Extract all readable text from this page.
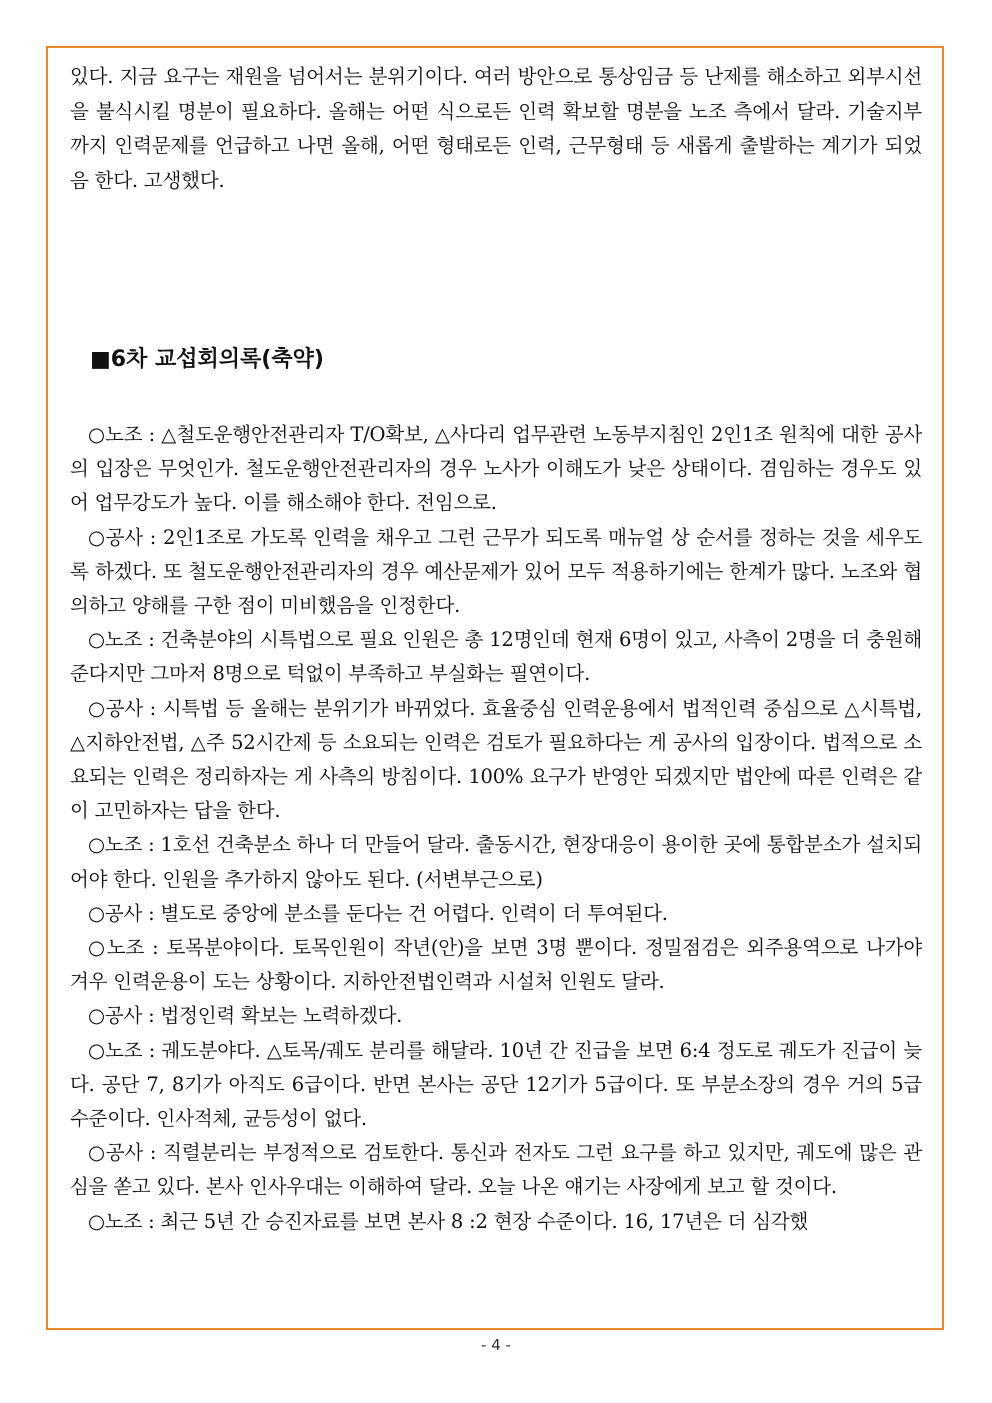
있다. 지금 요구는 재원을 넘어서는 분위기이다. 여러 방안으로 통상임금 등 난제를 해소하고 외부시선을 불식시킬 명분이 필요하다. 올해는 어떤 식으로든 인력 확보할 명분을 노조 측에서 달라. 기술지부까지 인력문제를 언급하고 나면 올해, 어떤 형태로든 인력, 근무형태 등 새롭게 출발하는 계기가 되었음 한다. 고생했다.

■6차 교섭회의록(축약)

○노조 : △철도운행안전관리자 T/O확보, △사다리 업무관련 노동부지침인 2인1조 원칙에 대한 공사의 입장은 무엇인가. 철도운행안전관리자의 경우 노사가 이해도가 낮은 상태이다. 겸임하는 경우도 있어 업무강도가 높다. 이를 해소해야 한다. 전임으로.

○공사 : 2인1조로 가도록 인력을 채우고 그런 근무가 되도록 매뉴얼 상 순서를 정하는 것을 세우도록 하겠다. 또 철도운행안전관리자의 경우 예산문제가 있어 모두 적용하기에는 한계가 많다. 노조와 협의하고 양해를 구한 점이 미비했음을 인정한다.

○노조 : 건축분야의 시특법으로 필요 인원은 총 12명인데 현재 6명이 있고, 사측이 2명을 더 충원해준다지만 그마저 8명으로 턱없이 부족하고 부실화는 필연이다.

○공사 : 시특법 등 올해는 분위기가 바뀌었다. 효율중심 인력운용에서 법적인력 중심으로 △시특법, △지하안전법, △주 52시간제 등 소요되는 인력은 검토가 필요하다는 게 공사의 입장이다. 법적으로 소요되는 인력은 정리하자는 게 사측의 방침이다. 100% 요구가 반영안 되겠지만 법안에 따른 인력은 같이 고민하자는 답을 한다.

○노조 : 1호선 건축분소 하나 더 만들어 달라. 출동시간, 현장대응이 용이한 곳에 통합분소가 설치되어야 한다. 인원을 추가하지 않아도 된다. (서변부근으로)

○공사 : 별도로 중앙에 분소를 둔다는 건 어렵다. 인력이 더 투여된다.

○노조 : 토목분야이다. 토목인원이 작년(안)을 보면 3명 뿐이다. 정밀점검은 외주용역으로 나가야 겨우 인력운용이 도는 상황이다. 지하안전법인력과 시설처 인원도 달라.

○공사 : 법정인력 확보는 노력하겠다.

○노조 : 궤도분야다. △토목/궤도 분리를 해달라. 10년 간 진급을 보면 6:4 정도로 궤도가 진급이 늦다. 공단 7, 8기가 아직도 6급이다. 반면 본사는 공단 12기가 5급이다. 또 부분소장의 경우 거의 5급 수준이다. 인사적체, 균등성이 없다.

○공사 : 직렬분리는 부정적으로 검토한다. 통신과 전자도 그런 요구를 하고 있지만, 궤도에 많은 관심을 쏟고 있다. 본사 인사우대는 이해하여 달라. 오늘 나온 얘기는 사장에게 보고 할 것이다.

○노조 : 최근 5년 간 승진자료를 보면 본사 8 :2 현장 수준이다. 16, 17년은 더 심각했

- 4 -
